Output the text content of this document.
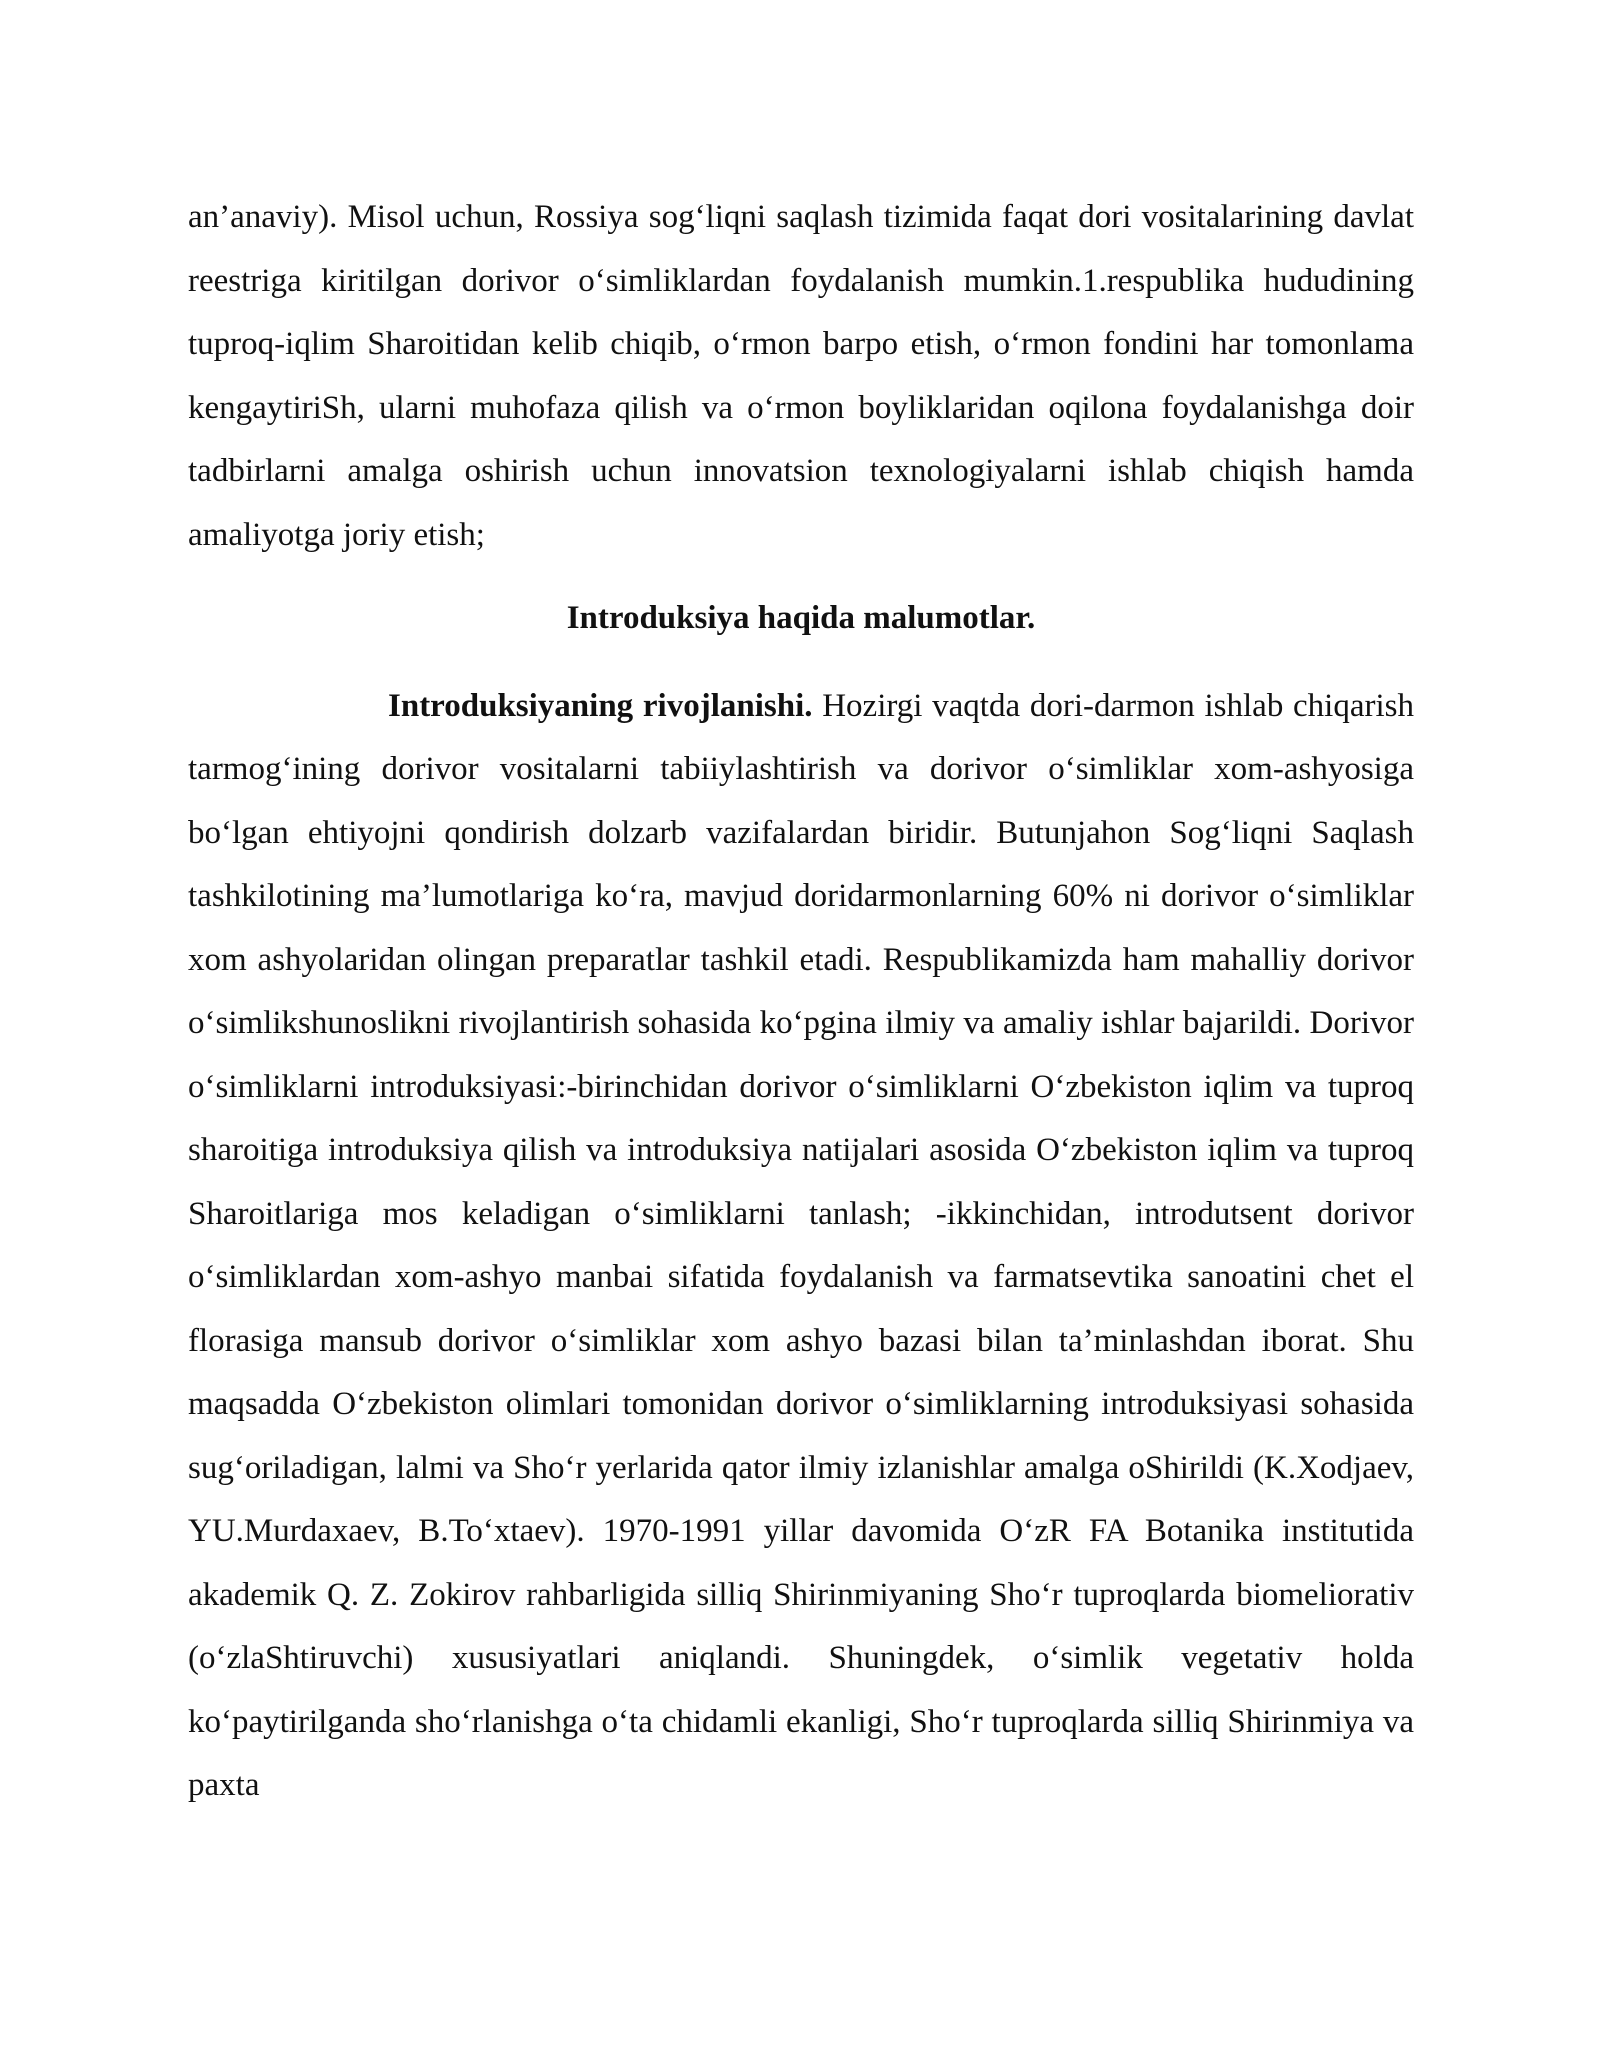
an’anaviy). Misol uchun, Rossiya sog‘liqni saqlash tizimida faqat dori vositalarining davlat reestriga kiritilgan dorivor o‘simliklardan foydalanish mumkin.1.respublika hududining tuproq-iqlim Sharoitidan kelib chiqib, o‘rmon barpo etish, o‘rmon fondini har tomonlama kengaytiriSh, ularni muhofaza qilish va o‘rmon boyliklaridan oqilona foydalanishga doir tadbirlarni amalga oshirish uchun innovatsion texnologiyalarni ishlab chiqish hamda amaliyotga joriy etish;

Introduksiya haqida malumotlar.

Introduksiyaning rivojlanishi. Hozirgi vaqtda dori-darmon ishlab chiqarish tarmog‘ining dorivor vositalarni tabiiylashtirish va dorivor o‘simliklar xom-ashyosiga bo‘lgan ehtiyojni qondirish dolzarb vazifalardan biridir. Butunjahon Sog‘liqni Saqlash tashkilotining ma’lumotlariga ko‘ra, mavjud doridarmonlarning 60% ni dorivor o‘simliklar xom ashyolaridan olingan preparatlar tashkil etadi. Respublikamizda ham mahalliy dorivor o‘simlikshunoslikni rivojlantirish sohasida ko‘pgina ilmiy va amaliy ishlar bajarildi. Dorivor o‘simliklarni introduksiyasi:-birinchidan dorivor o‘simliklarni O‘zbekiston iqlim va tuproq sharoitiga introduksiya qilish va introduksiya natijalari asosida O‘zbekiston iqlim va tuproq Sharoitlariga mos keladigan o‘simliklarni tanlash; -ikkinchidan, introdutsent dorivor o‘simliklardan xom-ashyo manbai sifatida foydalanish va farmatsevtika sanoatini chet el florasiga mansub dorivor o‘simliklar xom ashyo bazasi bilan ta’minlashdan iborat. Shu maqsadda O‘zbekiston olimlari tomonidan dorivor o‘simliklarning introduksiyasi sohasida sug‘oriladigan, lalmi va Sho‘r yerlarida qator ilmiy izlanishlar amalga oShirildi (K.Xodjaev, YU.Murdaxaev, B.To‘xtaev). 1970-1991 yillar davomida O‘zR FA Botanika institutida akademik Q. Z. Zokirov rahbarligida silliq Shirinmiyaning Sho‘r tuproqlarda biomeliorativ (o‘zlaShtiruvchi) xususiyatlari aniqlandi. Shuningdek, o‘simlik vegetativ holda ko‘paytirilganda sho‘rlanishga o‘ta chidamli ekanligi, Sho‘r tuproqlarda silliq Shirinmiya va paxta
